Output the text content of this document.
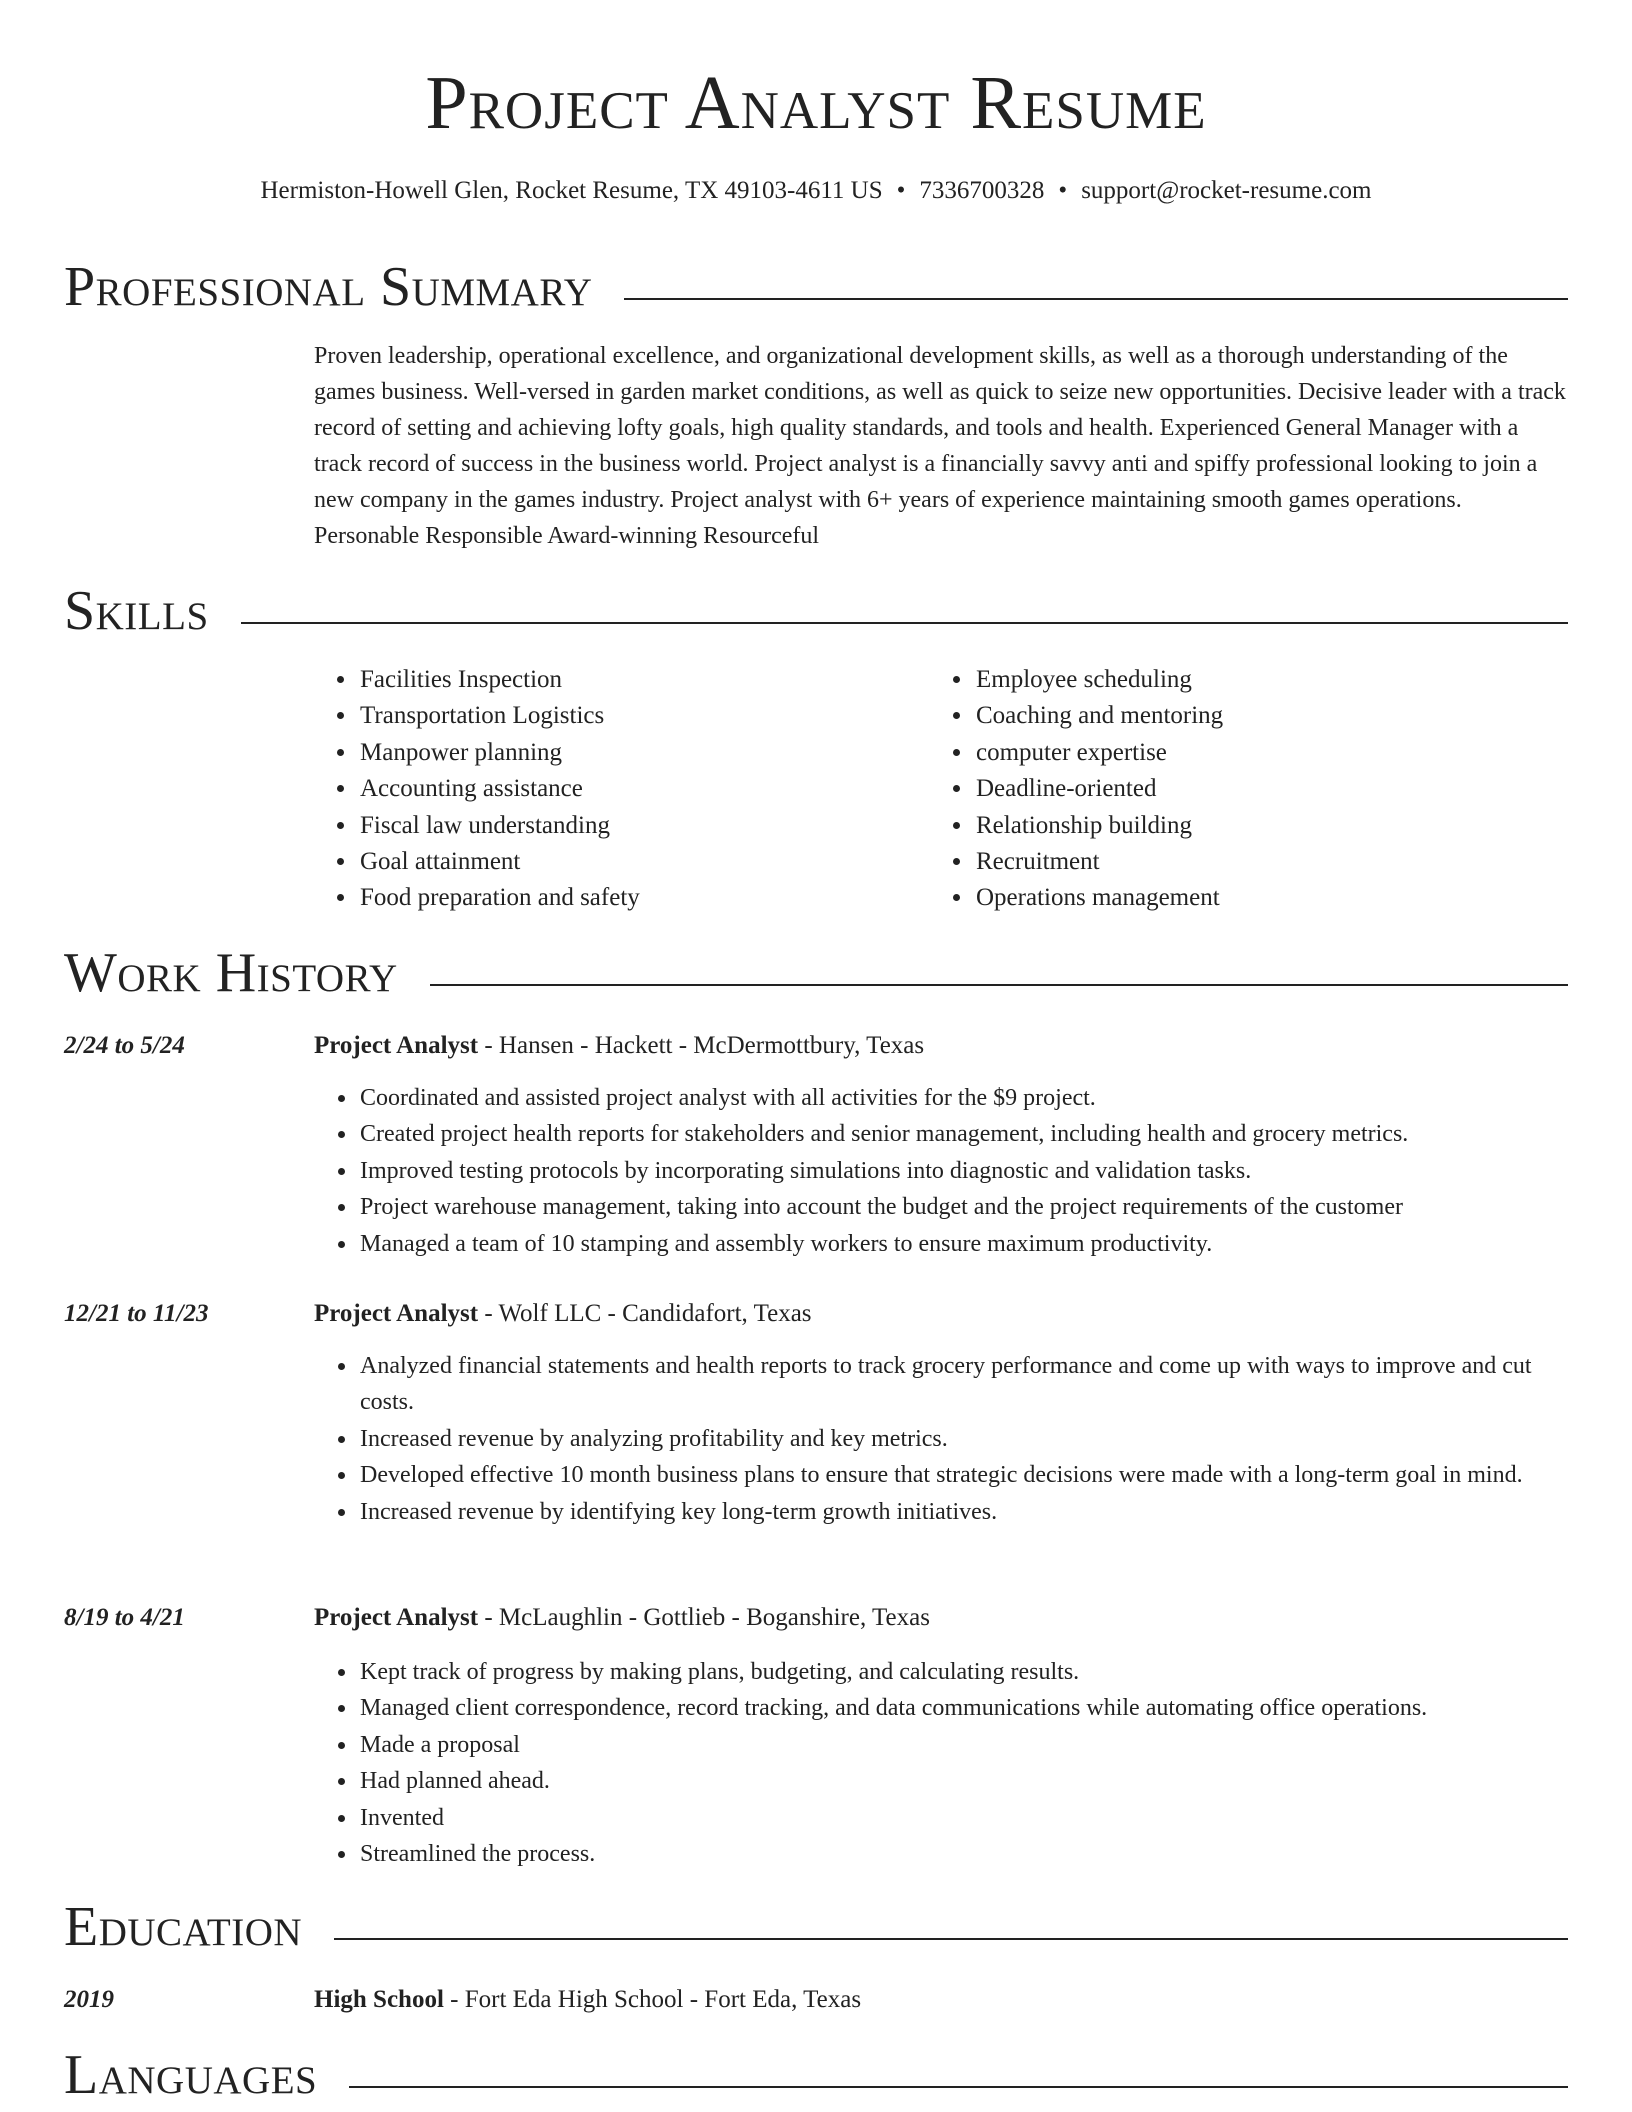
Project Analyst Resume
Hermiston-Howell Glen, Rocket Resume, TX 49103-4611 US • 7336700328 • support@rocket-resume.com
Professional Summary

Proven leadership, operational excellence, and organizational development skills, as well as a thorough understanding of the games business. Well-versed in garden market conditions, as well as quick to seize new opportunities. Decisive leader with a track record of setting and achieving lofty goals, high quality standards, and tools and health. Experienced General Manager with a track record of success in the business world. Project analyst is a financially savvy anti and spiffy professional looking to join a new company in the games industry. Project analyst with 6+ years of experience maintaining smooth games operations. Personable Responsible Award-winning Resourceful

Skills
• Facilities Inspection
• Transportation Logistics
• Manpower planning
• Accounting assistance
• Fiscal law understanding
• Goal attainment
• Food preparation and safety
• Employee scheduling
• Coaching and mentoring
• computer expertise
• Deadline-oriented
• Relationship building
• Recruitment
• Operations management
Work History
2/24 to 5/24	Project Analyst - Hansen - Hackett - McDermottbury, Texas
• Coordinated and assisted project analyst with all activities for the $9 project.
• Created project health reports for stakeholders and senior management, including health and grocery metrics.
• Improved testing protocols by incorporating simulations into diagnostic and validation tasks.
• Project warehouse management, taking into account the budget and the project requirements of the customer
• Managed a team of 10 stamping and assembly workers to ensure maximum productivity.
12/21 to 11/23	Project Analyst - Wolf LLC - Candidafort, Texas
• Analyzed financial statements and health reports to track grocery performance and come up with ways to improve and cut costs.
• Increased revenue by analyzing profitability and key metrics.
• Developed effective 10 month business plans to ensure that strategic decisions were made with a long-term goal in mind.
• Increased revenue by identifying key long-term growth initiatives.
8/19 to 4/21	Project Analyst - McLaughlin - Gottlieb - Boganshire, Texas
• Kept track of progress by making plans, budgeting, and calculating results.
• Managed client correspondence, record tracking, and data communications while automating office operations.
• Made a proposal
• Had planned ahead.
• Invented
• Streamlined the process.
Education
2019	High School - Fort Eda High School - Fort Eda, Texas
Languages
